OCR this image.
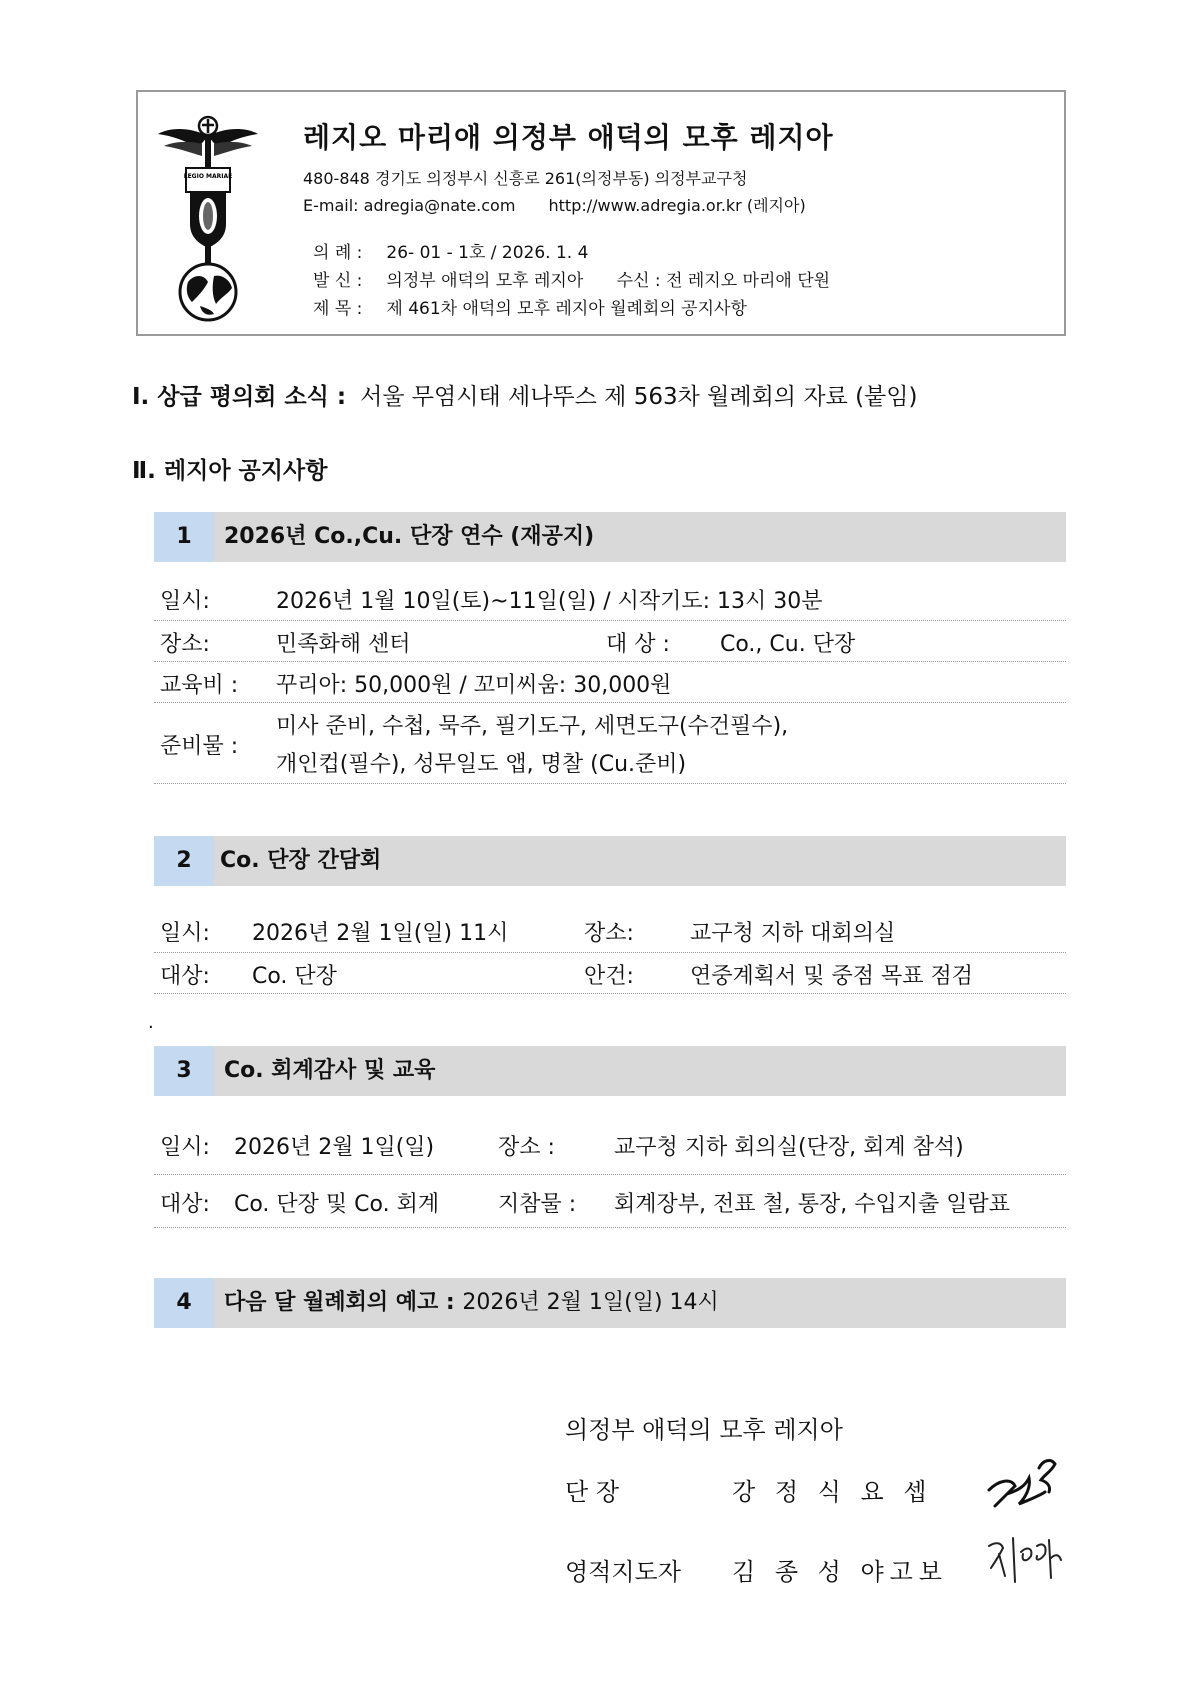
LEGIO MARIAE
레지오 마리애 의정부 애덕의 모후 레지아
480-848 경기도 의정부시 신흥로 261(의정부동) 의정부교구청
E-mail: adregia@nate.com http://www.adregia.or.kr (레지아)
의 례 : 26- 01 - 1호 / 2026. 1. 4
발 신 : 의정부 애덕의 모후 레지아 수신 : 전 레지오 마리애 단원
제 목 : 제 461차 애덕의 모후 레지아 월례회의 공지사항
Ⅰ. 상급 평의회 소식 : 서울 무염시태 세나뚜스 제 563차 월례회의 자료 (붙임)
Ⅱ. 레지아 공지사항
1	2026년 Co.,Cu. 단장 연수 (재공지)
일시:	2026년 1월 10일(토)~11일(일) / 시작기도: 13시 30분
장소:	민족화해 센터	대 상 : Co., Cu. 단장
교육비 : 꾸리아: 50,000원 / 꼬미씨움: 30,000원
준비물 :
미사 준비, 수첩, 묵주, 필기도구, 세면도구(수건필수),
개인컵(필수), 성무일도 앱, 명찰 (Cu.준비)
2	Co. 단장 간담회
일시: 2026년 2월 1일(일) 11시	장소:	교구청 지하 대회의실
대상: Co. 단장	안건:	연중계획서 및 중점 목표 점검
.
3	Co. 회계감사 및 교육
일시: 2026년 2월 1일(일)	장소 :	교구청 지하 회의실(단장, 회계 참석)
대상: Co. 단장 및 Co. 회계	지참물 : 회계장부, 전표 철, 통장, 수입지출 일람표
4	다음 달 월례회의 예고 : 2026년 2월 1일(일) 14시
의정부 애덕의 모후 레지아
단 장	강 정 식 요 셉
영적지도자 김 종 성 야고보
